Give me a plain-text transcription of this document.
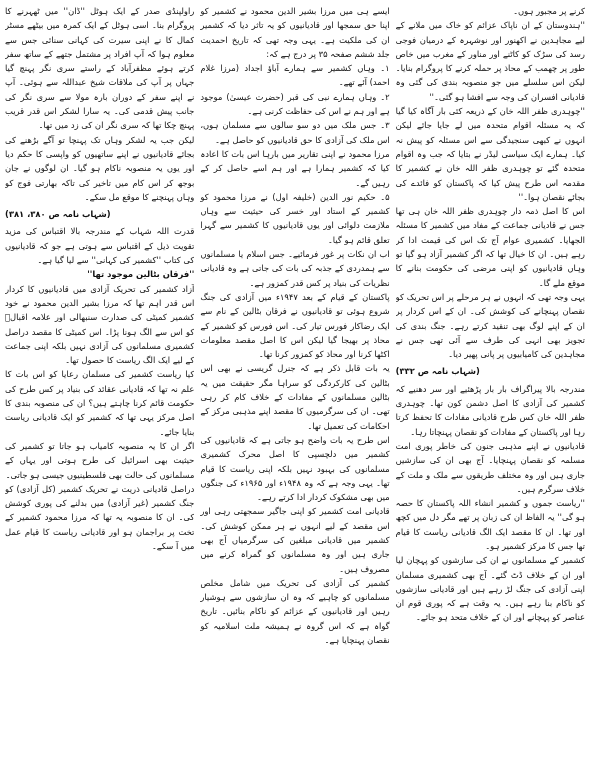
راولپنڈی صدر کے ایک ہوٹل ''ڈان'' میں ٹھہرنے کا پروگرام بنا۔ اسی ہوٹل کے ایک کمرہ میں بیٹھے مسٹر کمال کا نے اپنی سیرت کی کہانی سنائی جس سے معلوم ہوا کہ آپ افراد پر مشتمل جتھے کے ساتھ سفر کرتے ہوئے مظفرآباد کے راستے سری نگر پہنچ گیا جہاں پر آپ کی ملاقات شیخ عبداللہ سے ہوئی۔ آپ نے اپنے سفر کے دوران بارہ مولا سے سری نگر کی جانب پیش قدمی کی۔ یہ سارا لشکر اس قدر قریب پہنچ چکا تھا کہ سری نگر ان کی زد میں تھا۔

لیکن جب یہ لشکر وہاں تک پہنچا تو آگے بڑھنے کی بجائے قادیانیوں نے اپنے ساتھیوں کو واپسی کا حکم دیا اور یوں یہ منصوبہ ناکام ہو گیا۔ ان لوگوں نے جان بوجھ کر اس کام میں تاخیر کی تاکہ بھارتی فوج کو وہاں پہنچنے کا موقع مل سکے۔

(شہاب نامہ ص ۳۸۰، ۳۸۱)

قدرت اللہ شہاب کے مندرجہ بالا اقتباس کی مزید تقویت ذیل کے اقتباس سے ہوتی ہے جو کہ قادیانیوں کی کتاب ''کشمیر کی کہانی'' سے لیا گیا ہے۔

''فرقان بٹالین موجود تھا''

آزاد کشمیر کی تحریک آزادی میں قادیانیوں کا کردار اس قدر اہم تھا کہ مرزا بشیر الدین محمود نے خود کشمیر کمیٹی کی صدارت سنبھالی اور علامہ اقبالؒ کو اس سے الگ ہونا پڑا۔ اس کمیٹی کا مقصد دراصل کشمیری مسلمانوں کی آزادی نہیں بلکہ اپنی جماعت کے لیے ایک الگ ریاست کا حصول تھا۔

کیا ریاست کشمیر کی مسلمان رعایا کو اس بات کا علم نہ تھا کہ قادیانی عقائد کی بنیاد پر کس طرح کی حکومت قائم کرنا چاہتے ہیں؟ ان کی منصوبہ بندی کا اصل مرکز یہی تھا کہ کشمیر کو ایک قادیانی ریاست بنایا جائے۔

اگر ان کا یہ منصوبہ کامیاب ہو جاتا تو کشمیر کی حیثیت بھی اسرائیل کی طرح ہوتی اور یہاں کے مسلمانوں کی حالت بھی فلسطینیوں جیسی ہو جاتی۔

دراصل قادیانی ذریت نے تحریک کشمیر (کل آزادی) کو جنگ کشمیر (غیر آزادی) میں بدلنے کی پوری کوشش کی۔ ان کا منصوبہ یہ تھا کہ مرزا محمود کشمیر کے تخت پر براجمان ہو اور قادیانی ریاست کا قیام عمل میں آ سکے۔

ایسے ہی میں مرزا بشیر الدین محمود نے کشمیر کو اپنا حق سمجھا اور قادیانیوں کو یہ تاثر دیا کہ کشمیر ان کی ملکیت ہے۔ یہی وجہ تھی کہ تاریخ احمدیت جلد ششم صفحہ ۳۵ پر درج ہے کہ:

۱۔ وہاں کشمیر سے ہمارے آباؤ اجداد (مرزا غلام احمد) آئے تھے۔

۲۔ وہاں ہمارے نبی کی قبر (حضرت عیسیٰ) موجود ہے اور ہم نے اس کی حفاظت کرنی ہے۔

۳۔ جس ملک میں دو سو سالوں سے مسلمان ہوں، اس ملک کی آزادی کا حق قادیانیوں کو حاصل ہے۔

مرزا محمود نے اپنی تقاریر میں بارہا اس بات کا اعادہ کیا کہ کشمیر ہمارا ہے اور ہم اسے حاصل کر کے رہیں گے۔

۵۔ حکیم نور الدین (خلیفہ اول) نے مرزا محمود کو کشمیر کے استاد اور خسر کی حیثیت سے وہاں ملازمت دلوائی اور یوں قادیانیوں کا کشمیر سے گہرا تعلق قائم ہو گیا۔

اب ان نکات پر غور فرمائیے۔ جس اسلام یا مسلمانوں سے ہمدردی کے جذبہ کی بات کی جاتی ہے وہ قادیانی نظریات کی بنیاد پر کس قدر کمزور ہے۔

پاکستان کے قیام کے بعد ۱۹۴۷ء میں آزادی کی جنگ شروع ہوئی تو قادیانیوں نے فرقان بٹالین کے نام سے ایک رضاکار فورس تیار کی۔ اس فورس کو کشمیر کے محاذ پر بھیجا گیا لیکن اس کا اصل مقصد معلومات اکٹھا کرنا اور محاذ کو کمزور کرنا تھا۔

یہ بات قابل ذکر ہے کہ جنرل گریسی نے بھی اس بٹالین کی کارکردگی کو سراہا مگر حقیقت میں یہ بٹالین مسلمانوں کے مفادات کے خلاف کام کر رہی تھی۔ ان کی سرگرمیوں کا مقصد اپنے مذہبی مرکز کے احکامات کی تعمیل تھا۔

اس طرح یہ بات واضح ہو جاتی ہے کہ قادیانیوں کی کشمیر میں دلچسپی کا اصل محرک کشمیری مسلمانوں کی بہبود نہیں بلکہ اپنی ریاست کا قیام تھا۔ یہی وجہ ہے کہ وہ ۱۹۴۸ء اور ۱۹۶۵ء کی جنگوں میں بھی مشکوک کردار ادا کرتے رہے۔

قادیانی امت کشمیر کو اپنی جاگیر سمجھتی رہی اور اس مقصد کے لیے انہوں نے ہر ممکن کوشش کی۔ کشمیر میں قادیانی مبلغین کی سرگرمیاں آج بھی جاری ہیں اور وہ مسلمانوں کو گمراہ کرنے میں مصروف ہیں۔

کشمیر کی آزادی کی تحریک میں شامل مخلص مسلمانوں کو چاہیے کہ وہ ان سازشوں سے ہوشیار رہیں اور قادیانیوں کے عزائم کو ناکام بنائیں۔ تاریخ گواہ ہے کہ اس گروہ نے ہمیشہ ملت اسلامیہ کو نقصان پہنچایا ہے۔

کرنے پر مجبور ہوں۔

''ہندوستان کے ان ناپاک عزائم کو خاک میں ملانے کے لیے مجاہدین نے اکھنور اور نوشہرہ کے درمیان فوجی رسد کی سڑک کو کاٹنے اور مناور کے مغرب میں خاص طور پر چھمب کے محاذ پر حملہ کرنے کا پروگرام بنایا۔ لیکن اس سلسلے میں جو منصوبہ بندی کی گئی وہ قادیانی افسران کی وجہ سے افشا ہو گئی۔''

''چوہدری ظفر اللہ خان کے ذریعہ کئی بار آگاہ کیا گیا کہ یہ مسئلہ اقوام متحدہ میں لے جایا جائے لیکن انہوں نے کبھی سنجیدگی سے اس مسئلہ کو پیش نہ کیا۔ ہمارے ایک سیاسی لیڈر نے بتایا کہ جب وہ اقوام متحدہ گئے تو چوہدری ظفر اللہ خان نے کشمیر کا مقدمہ اس طرح پیش کیا کہ پاکستان کو فائدے کی بجائے نقصان ہوا۔''

اس کا اصل ذمہ دار چوہدری ظفر اللہ خان ہی تھا جس نے قادیانی جماعت کے مفاد میں کشمیر کا مسئلہ الجھایا۔ کشمیری عوام آج تک اس کی قیمت ادا کر رہے ہیں۔ ان کا خیال تھا کہ اگر کشمیر آزاد ہو گیا تو وہاں قادیانیوں کو اپنی مرضی کی حکومت بنانے کا موقع ملے گا۔

یہی وجہ تھی کہ انہوں نے ہر مرحلے پر اس تحریک کو نقصان پہنچانے کی کوشش کی۔ ان کے اس کردار پر ان کے اپنے لوگ بھی تنقید کرتے رہے۔ جنگ بندی کی تجویز بھی انہی کی طرف سے آئی تھی جس نے مجاہدین کی کامیابیوں پر پانی پھیر دیا۔

(شہاب نامہ ص ۳۳۲)

مندرجہ بالا پیراگراف بار بار پڑھئیے اور سر دھنیے کہ کشمیر کی آزادی کا اصل دشمن کون تھا۔ چوہدری ظفر اللہ خان کس طرح قادیانی مفادات کا تحفظ کرتا رہا اور پاکستان کے مفادات کو نقصان پہنچاتا رہا۔

قادیانیوں نے اپنے مذہبی جنون کی خاطر پوری امت مسلمہ کو نقصان پہنچایا۔ آج بھی ان کی سازشیں جاری ہیں اور وہ مختلف طریقوں سے ملک و ملت کے خلاف سرگرم ہیں۔

''ریاست جموں و کشمیر انشاء اللہ پاکستان کا حصہ ہو گی'' یہ الفاظ ان کی زبان پر تھے مگر دل میں کچھ اور تھا۔ ان کا مقصد ایک الگ قادیانی ریاست کا قیام تھا جس کا مرکز کشمیر ہو۔

کشمیر کے مسلمانوں نے ان کی سازشوں کو پہچان لیا اور ان کے خلاف ڈٹ گئے۔ آج بھی کشمیری مسلمان اپنی آزادی کی جنگ لڑ رہے ہیں اور قادیانی سازشوں کو ناکام بنا رہے ہیں۔ یہ وقت ہے کہ پوری قوم ان عناصر کو پہچانے اور ان کے خلاف متحد ہو جائے۔
